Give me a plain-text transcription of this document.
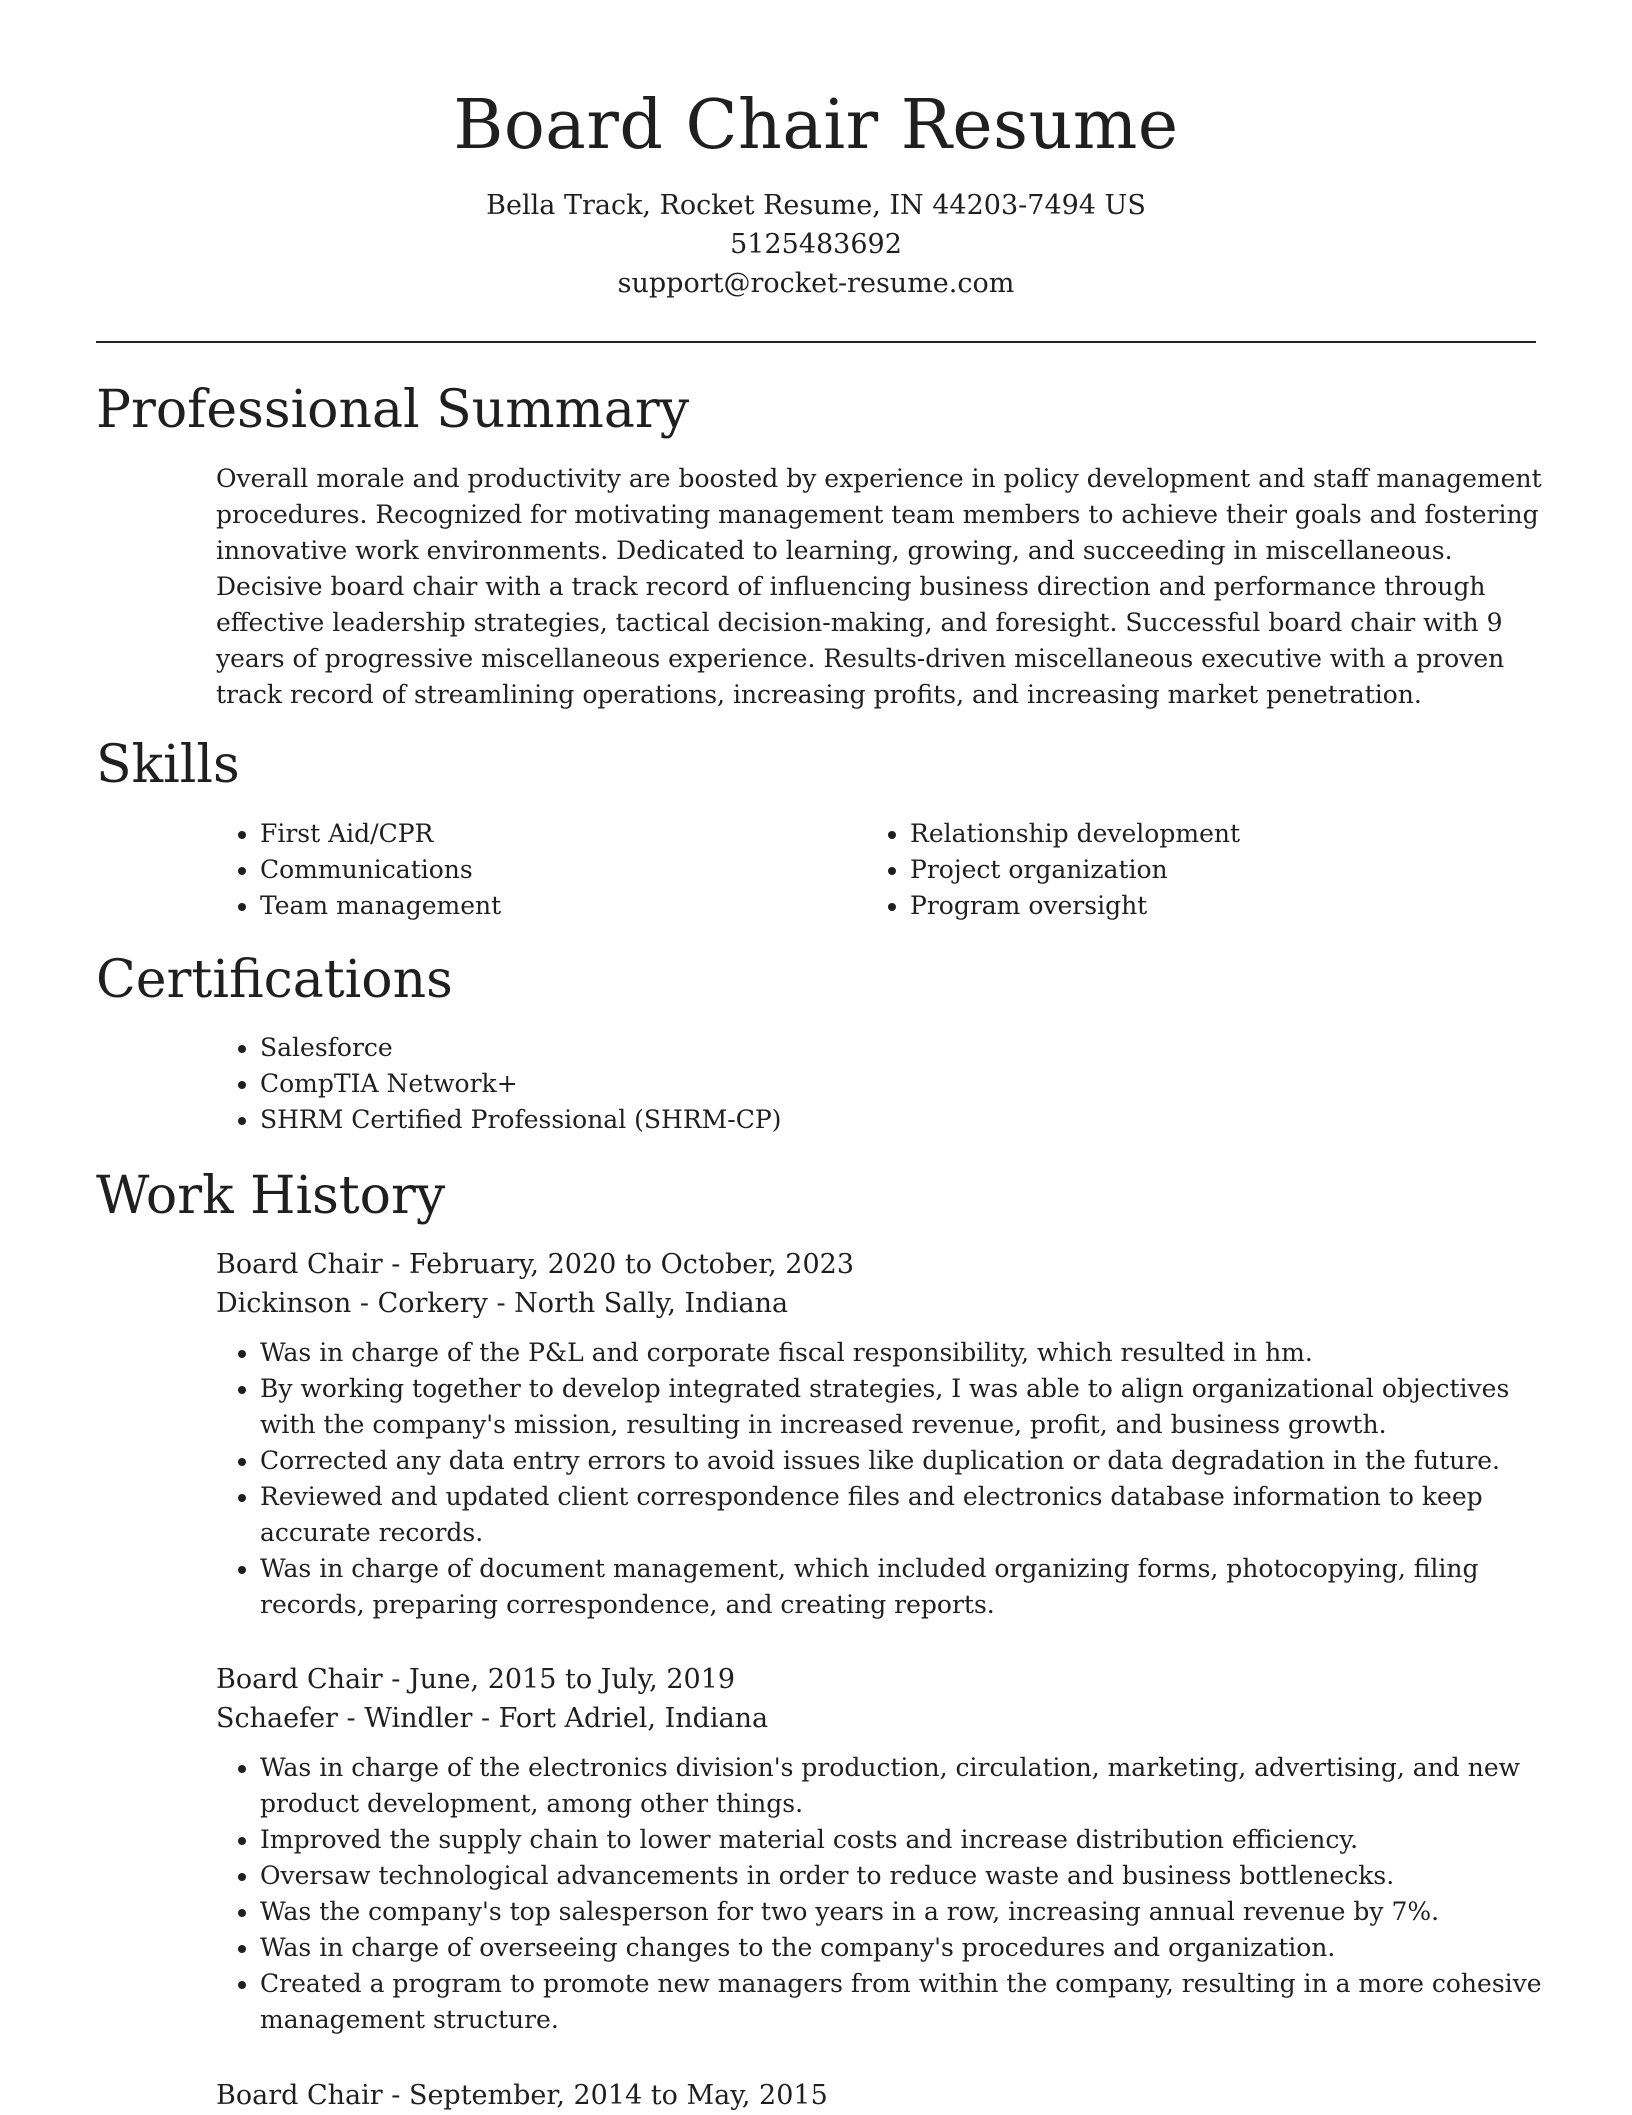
Board Chair Resume

Bella Track, Rocket Resume, IN 44203-7494 US

5125483692

support@rocket-resume.com

Professional Summary

Overall morale and productivity are boosted by experience in policy development and staff management procedures. Recognized for motivating management team members to achieve their goals and fostering innovative work environments. Dedicated to learning, growing, and succeeding in miscellaneous. Decisive board chair with a track record of influencing business direction and performance through effective leadership strategies, tactical decision-making, and foresight. Successful board chair with 9 years of progressive miscellaneous experience. Results-driven miscellaneous executive with a proven track record of streamlining operations, increasing profits, and increasing market penetration.

Skills
• First Aid/CPR
• Communications
• Team management
• Relationship development
• Project organization
• Program oversight
Certifications
• Salesforce
• CompTIA Network+
• SHRM Certified Professional (SHRM-CP)
Work History

Board Chair - February, 2020 to October, 2023

Dickinson - Corkery - North Sally, Indiana

• Was in charge of the P&L and corporate fiscal responsibility, which resulted in hm.
• By working together to develop integrated strategies, I was able to align organizational objectives with the company's mission, resulting in increased revenue, profit, and business growth.
• Corrected any data entry errors to avoid issues like duplication or data degradation in the future.
• Reviewed and updated client correspondence files and electronics database information to keep accurate records.
• Was in charge of document management, which included organizing forms, photocopying, filing records, preparing correspondence, and creating reports.

Board Chair - June, 2015 to July, 2019

Schaefer - Windler - Fort Adriel, Indiana

• Was in charge of the electronics division's production, circulation, marketing, advertising, and new product development, among other things.
• Improved the supply chain to lower material costs and increase distribution efficiency.
• Oversaw technological advancements in order to reduce waste and business bottlenecks.
• Was the company's top salesperson for two years in a row, increasing annual revenue by 7%.
• Was in charge of overseeing changes to the company's procedures and organization.
• Created a program to promote new managers from within the company, resulting in a more cohesive management structure.

Board Chair - September, 2014 to May, 2015
